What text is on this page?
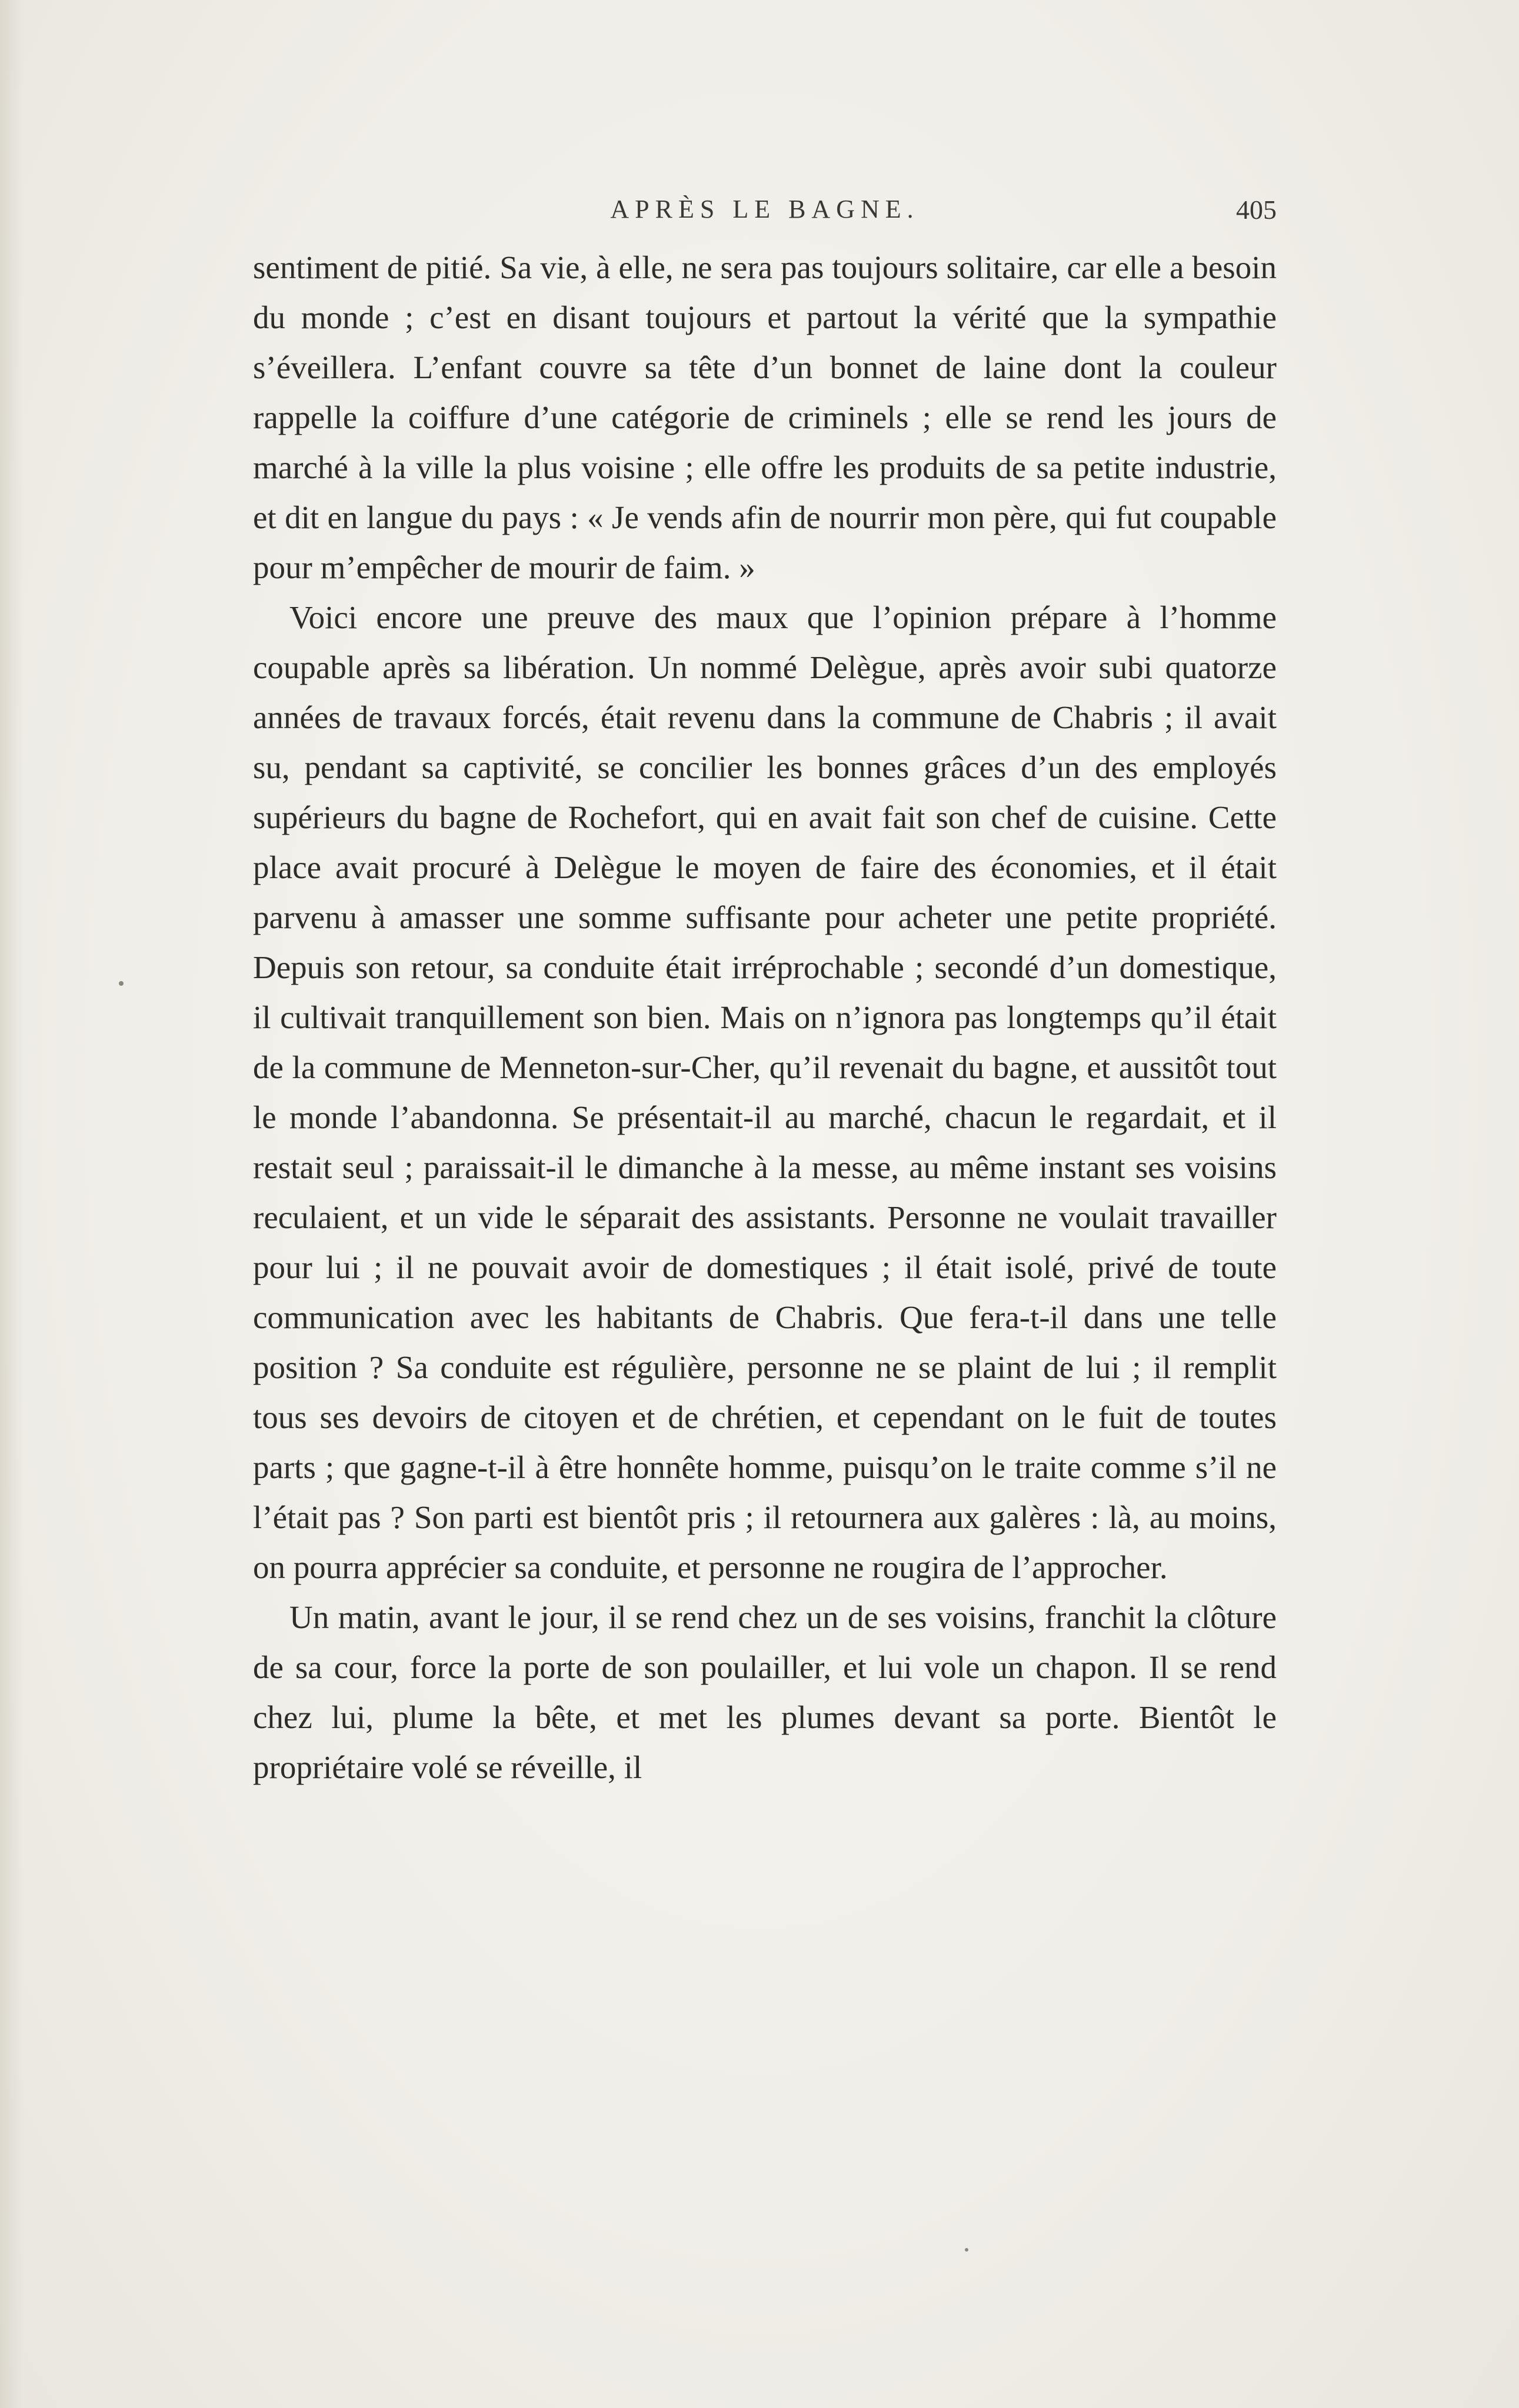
APRÈS LE BAGNE.	405

sentiment de pitié. Sa vie, à elle, ne sera pas toujours solitaire, car elle a besoin du monde ; c’est en disant toujours et partout la vérité que la sympathie s’éveillera. L’enfant couvre sa tête d’un bonnet de laine dont la couleur rappelle la coiffure d’une catégorie de criminels ; elle se rend les jours de marché à la ville la plus voisine ; elle offre les produits de sa petite industrie, et dit en langue du pays : « Je vends afin de nourrir mon père, qui fut coupable pour m’empêcher de mourir de faim. »

Voici encore une preuve des maux que l’opinion prépare à l’homme coupable après sa libération. Un nommé Delègue, après avoir subi quatorze années de travaux forcés, était revenu dans la commune de Chabris ; il avait su, pendant sa captivité, se concilier les bonnes grâces d’un des employés supérieurs du bagne de Rochefort, qui en avait fait son chef de cuisine. Cette place avait procuré à Delègue le moyen de faire des économies, et il était parvenu à amasser une somme suffisante pour acheter une petite propriété. Depuis son retour, sa conduite était irréprochable ; secondé d’un domestique, il cultivait tranquillement son bien. Mais on n’ignora pas longtemps qu’il était de la commune de Menneton-sur-Cher, qu’il revenait du bagne, et aussitôt tout le monde l’abandonna. Se présentait-il au marché, chacun le regardait, et il restait seul ; paraissait-il le dimanche à la messe, au même instant ses voisins reculaient, et un vide le séparait des assistants. Personne ne voulait travailler pour lui ; il ne pouvait avoir de domestiques ; il était isolé, privé de toute communication avec les habitants de Chabris. Que fera-t-il dans une telle position ? Sa conduite est régulière, personne ne se plaint de lui ; il remplit tous ses devoirs de citoyen et de chrétien, et cependant on le fuit de toutes parts ; que gagne-t-il à être honnête homme, puisqu’on le traite comme s’il ne l’était pas ? Son parti est bientôt pris ; il retournera aux galères : là, au moins, on pourra apprécier sa conduite, et personne ne rougira de l’approcher.

Un matin, avant le jour, il se rend chez un de ses voisins, franchit la clôture de sa cour, force la porte de son poulailler, et lui vole un chapon. Il se rend chez lui, plume la bête, et met les plumes devant sa porte. Bientôt le propriétaire volé se réveille, il
